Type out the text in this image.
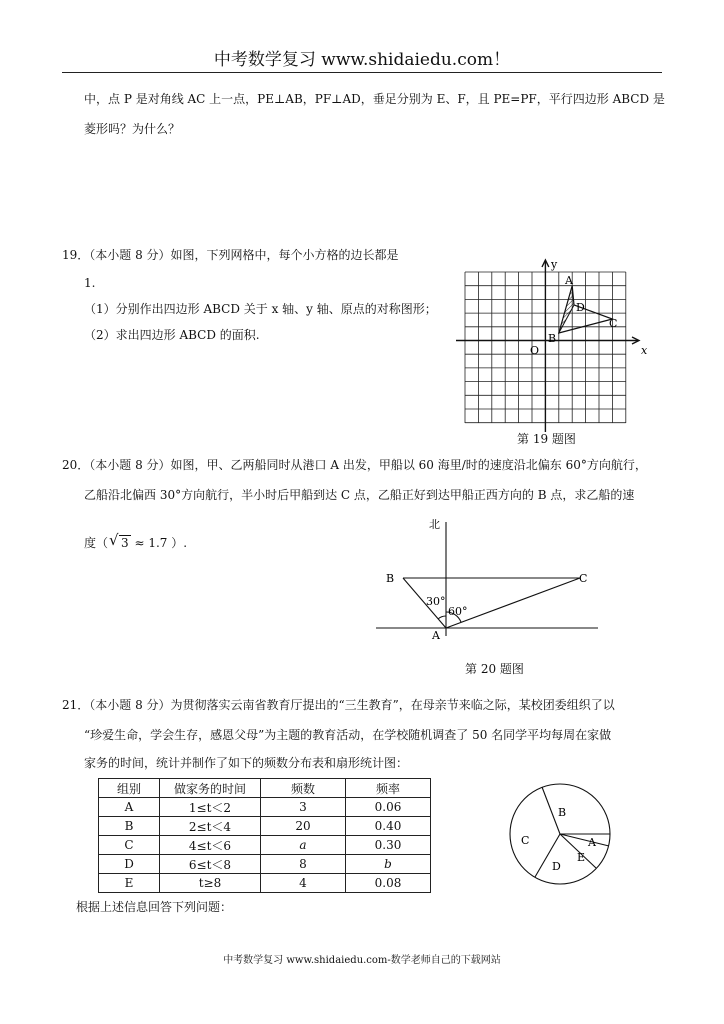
中考数学复习 www.shidaiedu.com！
中，点 P 是对角线 AC 上一点，PE⊥AB，PF⊥AD，垂足分别为 E、F，且 PE=PF，平行四边形 ABCD 是
菱形吗？为什么？
19．（本小题 8 分）如图，下列网格中，每个小方格的边长都是
1.
（1）分别作出四边形 ABCD 关于 x 轴、y 轴、原点的对称图形；
（2）求出四边形 ABCD 的面积.
y
x
O
A
D
C
B
第 19 题图
20．（本小题 8 分）如图，甲、乙两船同时从港口 A 出发，甲船以 60 海里/时的速度沿北偏东 60°方向航行，
乙船沿北偏西 30°方向航行，半小时后甲船到达 C 点，乙船正好到达甲船正西方向的 B 点，求乙船的速
度（ √ 3 ≈ 1.7 ）.
北
B	C
A
30°
60°
第 20 题图
21．（本小题 8 分）为贯彻落实云南省教育厅提出的“三生教育”，在母亲节来临之际，某校团委组织了以
“珍爱生命，学会生存，感恩父母”为主题的教育活动，在学校随机调查了 50 名同学平均每周在家做
家务的时间，统计并制作了如下的频数分布表和扇形统计图：
组别	做家务的时间	频数	频率
A	1≤t＜2	3	0.06
B	2≤t＜4	20	0.40
C	4≤t＜6	a	0.30
D	6≤t＜8	8	b
E	t≥8	4	0.08
B
C	A
E
D
根据上述信息回答下列问题：
中考数学复习 www.shidaiedu.com-数学老师自己的下载网站
